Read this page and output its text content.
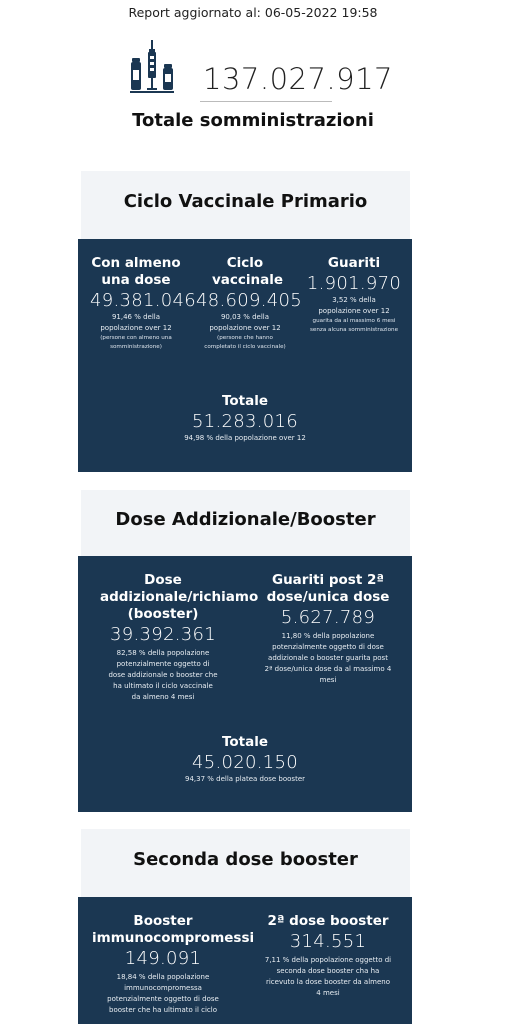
Report aggiornato al: 06-05-2022 19:58
137.027.917
Totale somministrazioni
Ciclo Vaccinale Primario
Con almeno una dose
49.381.046
91,46 % della popolazione over 12
(persone con almeno una somministrazione)
Ciclo vaccinale
48.609.405
90,03 % della popolazione over 12
(persone che hanno completato il ciclo vaccinale)
Guariti
1.901.970
3,52 % della popolazione over 12
guarita da al massimo 6 mesi senza alcuna somministrazione
Totale
51.283.016
94,98 % della popolazione over 12
Dose Addizionale/Booster
Dose addizionale/richiamo (booster)
39.392.361
82,58 % della popolazione potenzialmente oggetto di dose addizionale o booster che ha ultimato il ciclo vaccinale da almeno 4 mesi
Guariti post 2ª dose/unica dose
5.627.789
11,80 % della popolazione potenzialmente oggetto di dose addizionale o booster guarita post 2ª dose/unica dose da al massimo 4 mesi
Totale
45.020.150
94,37 % della platea dose booster
Seconda dose booster
Booster immunocompromessi
149.091
18,84 % della popolazione immunocompromessa potenzialmente oggetto di dose booster che ha ultimato il ciclo
2ª dose booster
314.551
7,11 % della popolazione oggetto di seconda dose booster cha ha ricevuto la dose booster da almeno 4 mesi
